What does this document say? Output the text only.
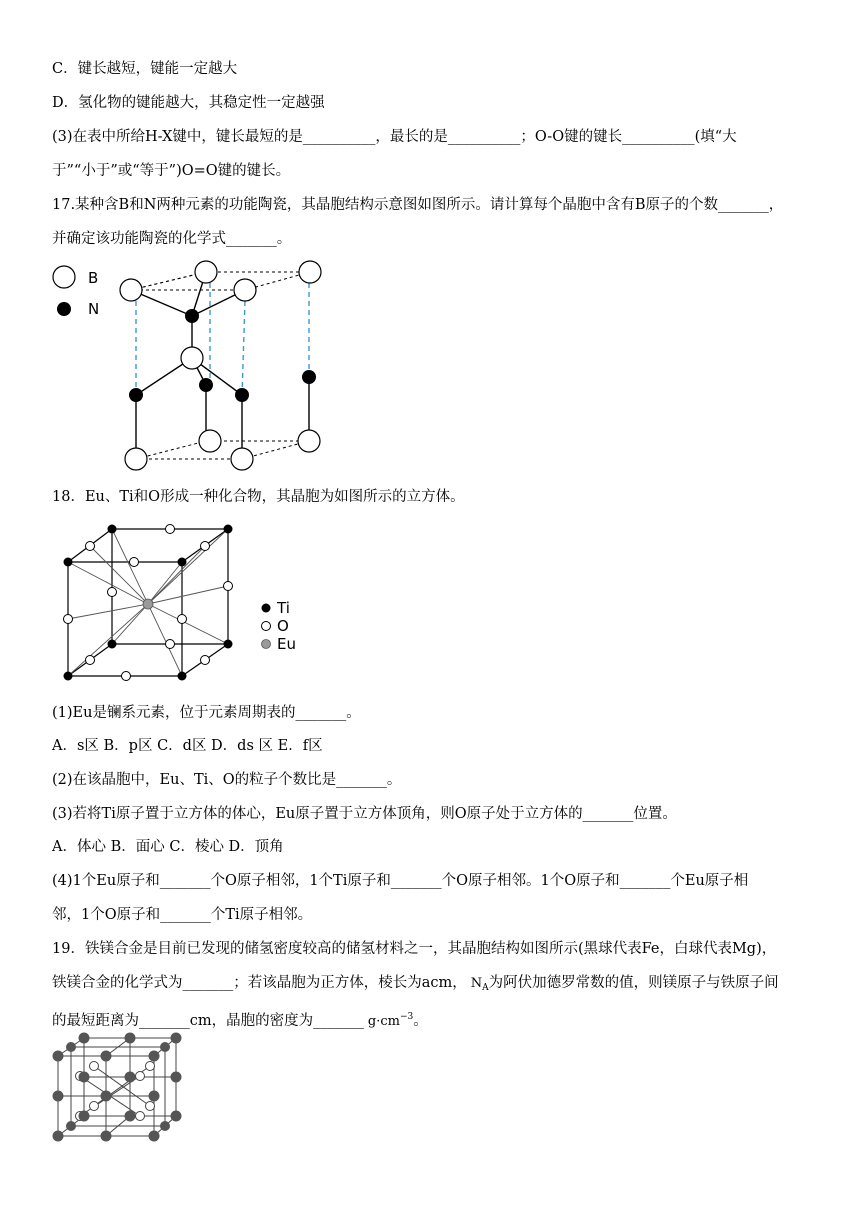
C．键长越短，键能一定越大
D．氢化物的键能越大，其稳定性一定越强
(3)在表中所给H-X键中，键长最短的是__________，最长的是__________；O-O键的键长__________(填“大
于”“小于”或“等于”)O=O键的键长。
17.某种含B和N两种元素的功能陶瓷，其晶胞结构示意图如图所示。请计算每个晶胞中含有B原子的个数_______，
并确定该功能陶瓷的化学式_______。
B
N
18．Eu、Ti和O形成一种化合物，其晶胞为如图所示的立方体。
Ti
O
Eu
(1)Eu是镧系元素，位于元素周期表的_______。
A．s区 B．p区 C．d区 D．ds 区 E．f区
(2)在该晶胞中，Eu、Ti、O的粒子个数比是_______。
(3)若将Ti原子置于立方体的体心，Eu原子置于立方体顶角，则O原子处于立方体的_______位置。
A．体心 B．面心 C．棱心 D．顶角
(4)1个Eu原子和_______个O原子相邻，1个Ti原子和_______个O原子相邻。1个O原子和_______个Eu原子相
邻，1个O原子和_______个Ti原子相邻。
19．铁镁合金是目前已发现的储氢密度较高的储氢材料之一，其晶胞结构如图所示(黑球代表Fe，白球代表Mg)，
铁镁合金的化学式为_______；若该晶胞为正方体，棱长为acm， $N_A$为阿伏加德罗常数的值，则镁原子与铁原子间
的最短距离为_______cm，晶胞的密度为_______ $g\cdot cm^{-3}$。
